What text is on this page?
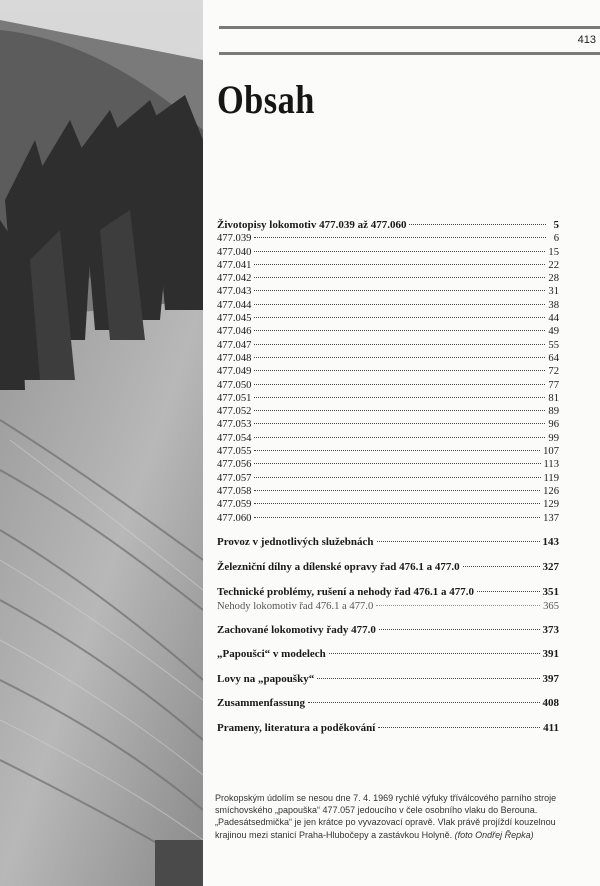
413
Obsah
Životopisy lokomotiv 477.039 až 477.060	5
477.039	6
477.040	15
477.041	22
477.042	28
477.043	31
477.044	38
477.045	44
477.046	49
477.047	55
477.048	64
477.049	72
477.050	77
477.051	81
477.052	89
477.053	96
477.054	99
477.055	107
477.056	113
477.057	119
477.058	126
477.059	129
477.060	137
Provoz v jednotlivých služebnách	143
Železniční dílny a dílenské opravy řad 476.1 a 477.0	327
Technické problémy, rušení a nehody řad 476.1 a 477.0	351
Nehody lokomotiv řad 476.1 a 477.0	365
Zachované lokomotivy řady 477.0	373
„Papoušci“ v modelech	391
Lovy na „papoušky“	397
Zusammenfassung	408
Prameny, literatura a poděkování	411
Prokopským údolím se nesou dne 7. 4. 1969 rychlé výfuky tříválcového parního stroje smíchovského „papouška“ 477.057 jedoucího v čele osobního vlaku do Berouna. „Padesátsedmička“ je jen krátce po vyvazovací opravě. Vlak právě projíždí kouzelnou krajinou mezi stanicí Praha-Hlubočepy a zastávkou Holyně. (foto Ondřej Řepka)
